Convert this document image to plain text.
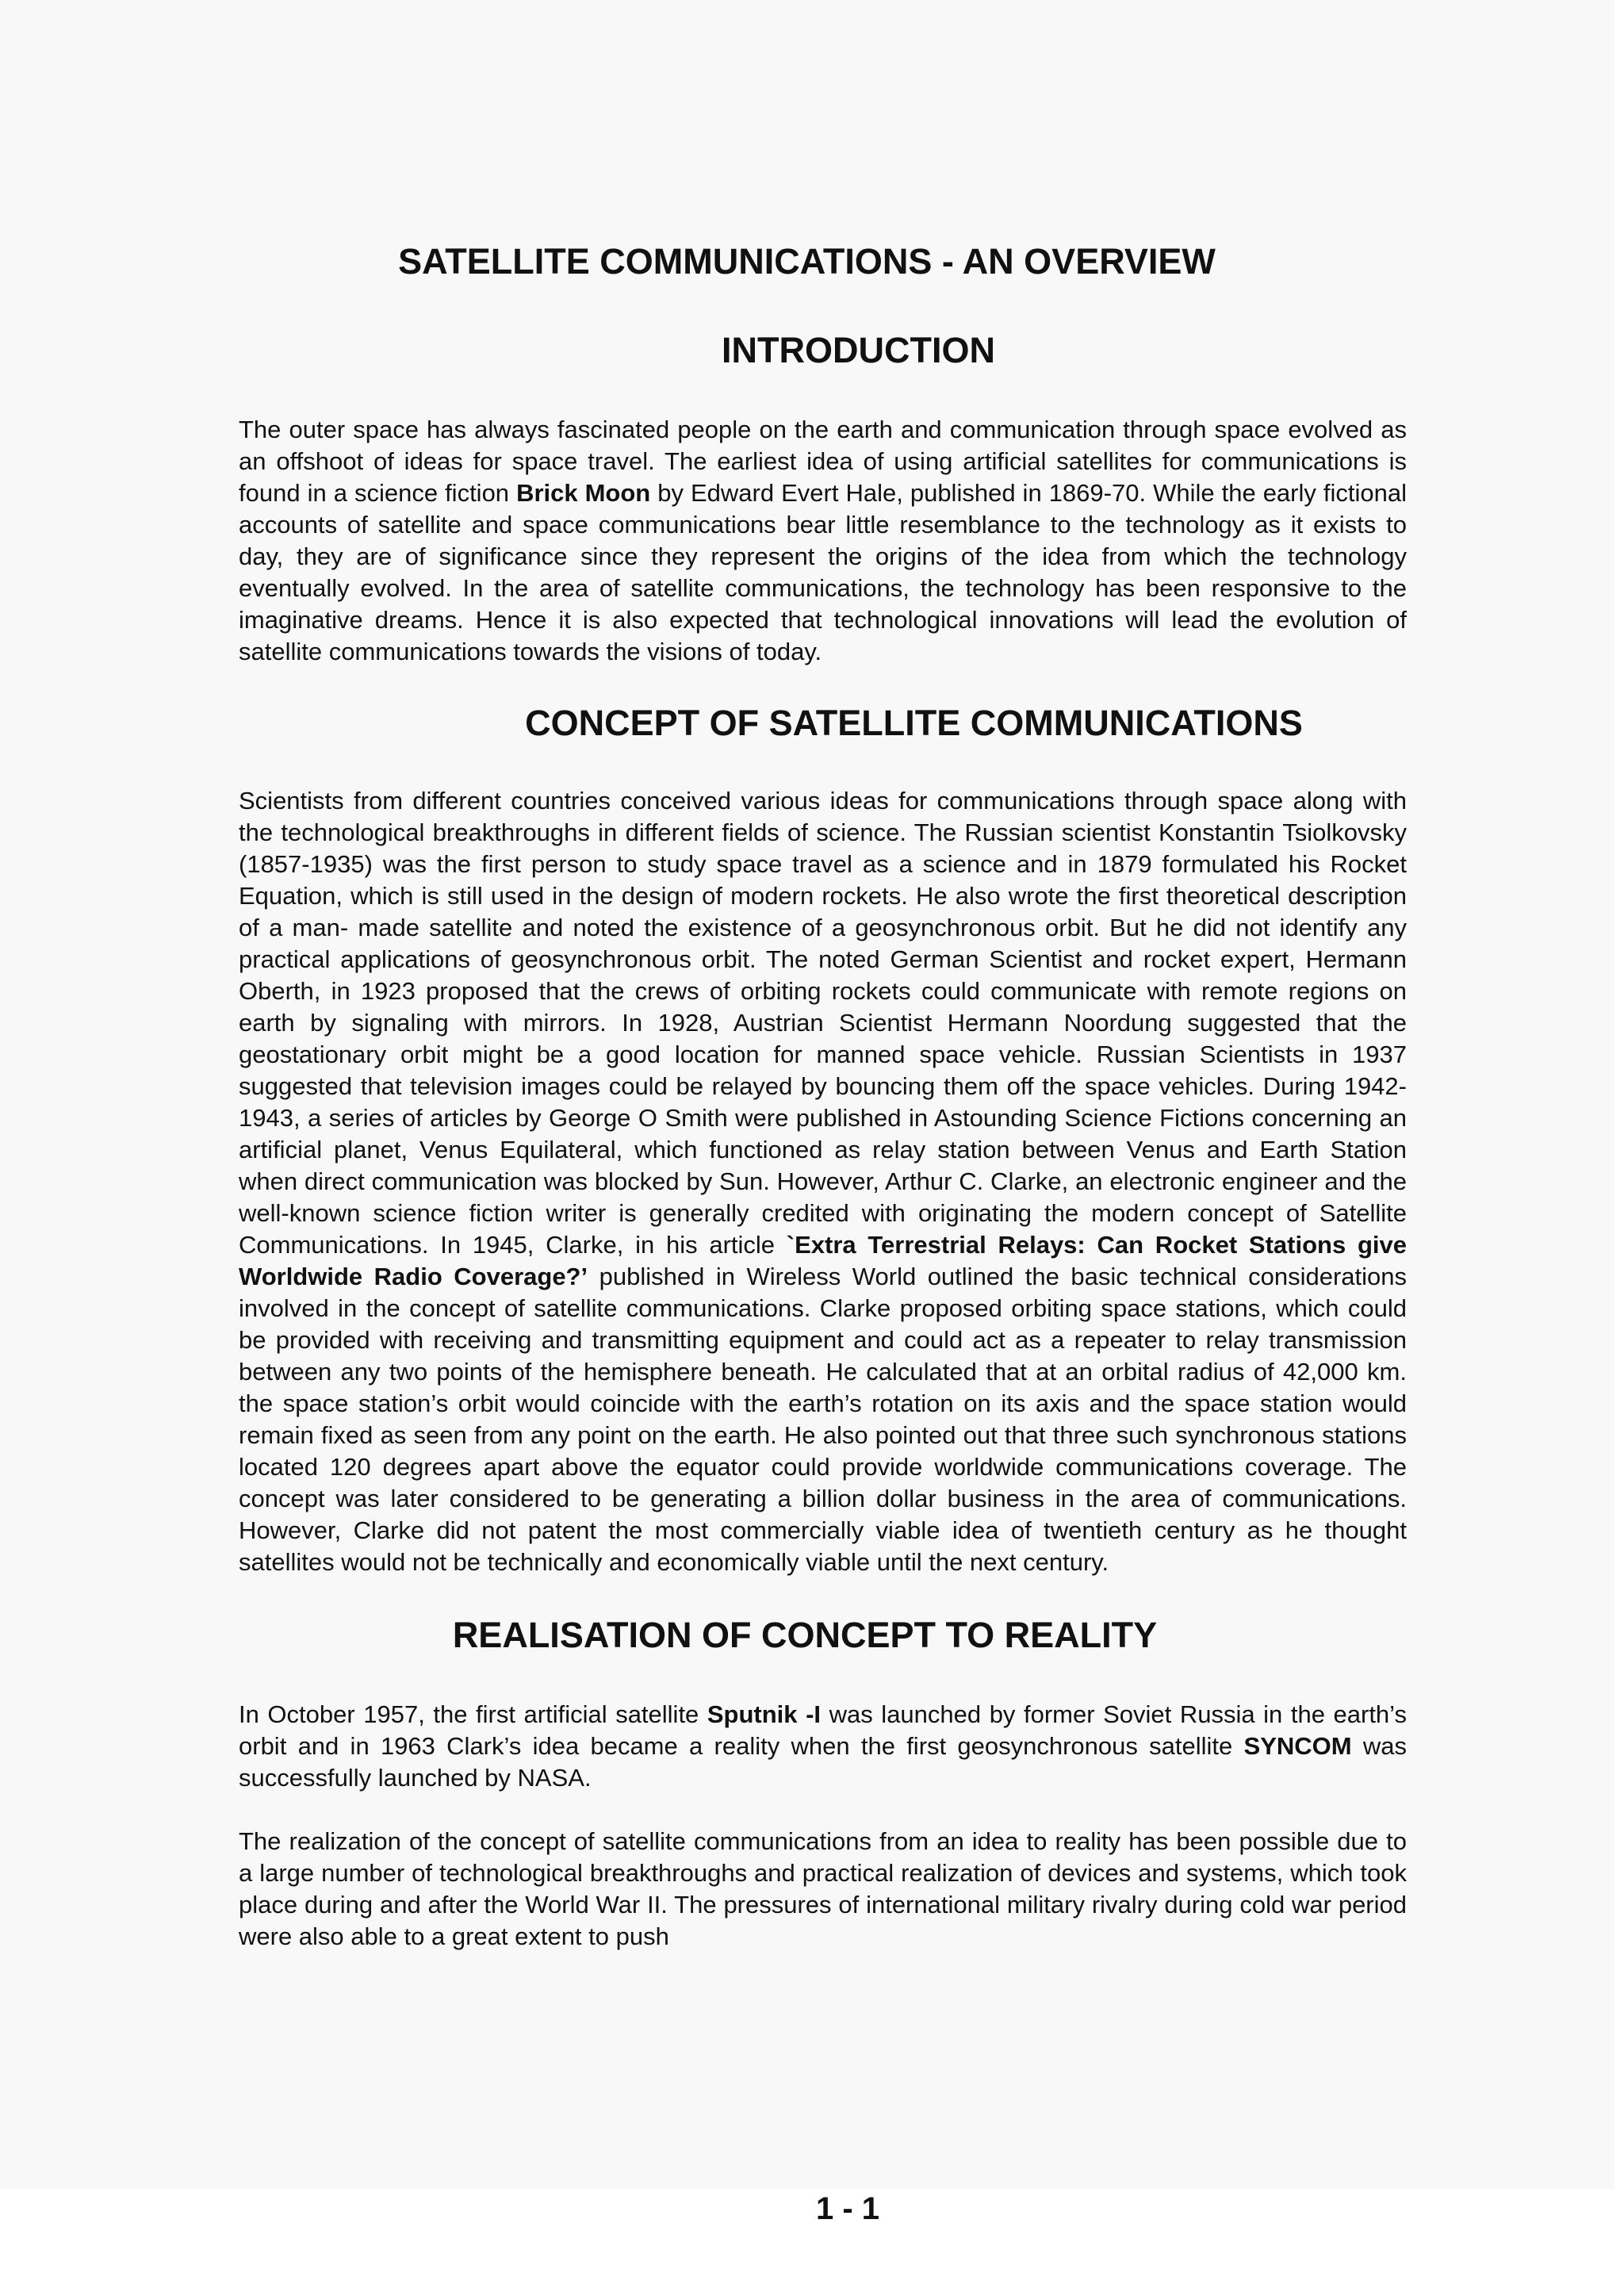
SATELLITE COMMUNICATIONS - AN OVERVIEW
INTRODUCTION

The outer space has always fascinated people on the earth and communication through space evolved as an offshoot of ideas for space travel. The earliest idea of using artificial satellites for communications is found in a science fiction Brick Moon by Edward Evert Hale, published in 1869-70. While the early fictional accounts of satellite and space communications bear little resemblance to the technology as it exists to day, they are of significance since they represent the origins of the idea from which the technology eventually evolved. In the area of satellite communications, the technology has been responsive to the imaginative dreams. Hence it is also expected that technological innovations will lead the evolution of satellite communications towards the visions of today.

CONCEPT OF SATELLITE COMMUNICATIONS

Scientists from different countries conceived various ideas for communications through space along with the technological breakthroughs in different fields of science. The Russian scientist Konstantin Tsiolkovsky (1857-1935) was the first person to study space travel as a science and in 1879 formulated his Rocket Equation, which is still used in the design of modern rockets. He also wrote the first theoretical description of a man- made satellite and noted the existence of a geosynchronous orbit. But he did not identify any practical applications of geosynchronous orbit. The noted German Scientist and rocket expert, Hermann Oberth, in 1923 proposed that the crews of orbiting rockets could communicate with remote regions on earth by signaling with mirrors. In 1928, Austrian Scientist Hermann Noordung suggested that the geostationary orbit might be a good location for manned space vehicle. Russian Scientists in 1937 suggested that television images could be relayed by bouncing them off the space vehicles. During 1942-1943, a series of articles by George O Smith were published in Astounding Science Fictions concerning an artificial planet, Venus Equilateral, which functioned as relay station between Venus and Earth Station when direct communication was blocked by Sun. However, Arthur C. Clarke, an electronic engineer and the well-known science fiction writer is generally credited with originating the modern concept of Satellite Communications. In 1945, Clarke, in his article `Extra Terrestrial Relays: Can Rocket Stations give Worldwide Radio Coverage?’ published in Wireless World outlined the basic technical considerations involved in the concept of satellite communications. Clarke proposed orbiting space stations, which could be provided with receiving and transmitting equipment and could act as a repeater to relay transmission between any two points of the hemisphere beneath. He calculated that at an orbital radius of 42,000 km. the space station’s orbit would coincide with the earth’s rotation on its axis and the space station would remain fixed as seen from any point on the earth. He also pointed out that three such synchronous stations located 120 degrees apart above the equator could provide worldwide communications coverage. The concept was later considered to be generating a billion dollar business in the area of communications. However, Clarke did not patent the most commercially viable idea of twentieth century as he thought satellites would not be technically and economically viable until the next century.

REALISATION OF CONCEPT TO REALITY

In October 1957, the first artificial satellite Sputnik -I was launched by former Soviet Russia in the earth’s orbit and in 1963 Clark’s idea became a reality when the first geosynchronous satellite SYNCOM was successfully launched by NASA.

The realization of the concept of satellite communications from an idea to reality has been possible due to a large number of technological breakthroughs and practical realization of devices and systems, which took place during and after the World War II. The pressures of international military rivalry during cold war period were also able to a great extent to push

1 - 1
